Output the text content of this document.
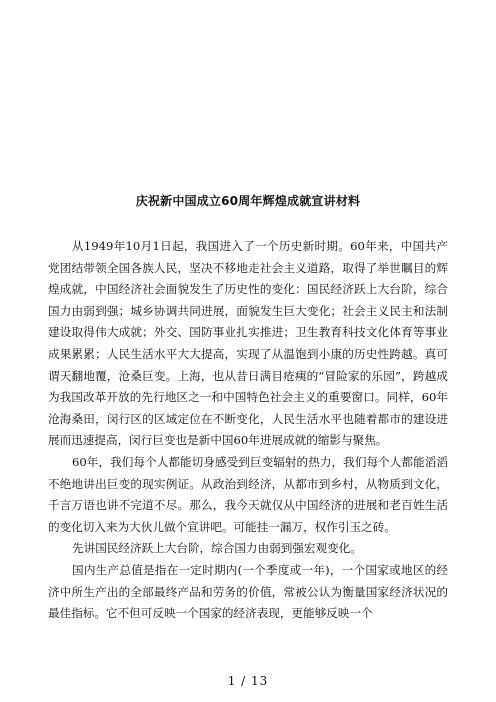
庆祝新中国成立60周年辉煌成就宣讲材料

从1949年10月1日起，我国进入了一个历史新时期。60年来，中国共产党团结带领全国各族人民，坚决不移地走社会主义道路，取得了举世瞩目的辉煌成就，中国经济社会面貌发生了历史性的变化：国民经济跃上大台阶，综合国力由弱到强；城乡协调共同进展，面貌发生巨大变化；社会主义民主和法制建设取得伟大成就；外交、国防事业扎实推进；卫生教育科技文化体育等事业成果累累；人民生活水平大大提高，实现了从温饱到小康的历史性跨越。真可谓天翻地覆，沧桑巨变。上海，也从昔日满目疮痍的“冒险家的乐园”，跨越成为我国改革开放的先行地区之一和中国特色社会主义的重要窗口。同样，60年沧海桑田，闵行区的区域定位在不断变化，人民生活水平也随着都市的建设进展而迅速提高，闵行巨变也是新中国60年进展成就的缩影与聚焦。

60年，我们每个人都能切身感受到巨变辐射的热力，我们每个人都能滔滔不绝地讲出巨变的现实例证。从政治到经济，从都市到乡村，从物质到文化，千言万语也讲不完道不尽。那么，我今天就仅从中国经济的进展和老百姓生活的变化切入来为大伙儿做个宣讲吧。可能挂一漏万，权作引玉之砖。

先讲国民经济跃上大台阶，综合国力由弱到强宏观变化。

国内生产总值是指在一定时期内(一个季度或一年)，一个国家或地区的经济中所生产出的全部最终产品和劳务的价值，常被公认为衡量国家经济状况的最佳指标。它不但可反映一个国家的经济表现，更能够反映一个

1 / 13
